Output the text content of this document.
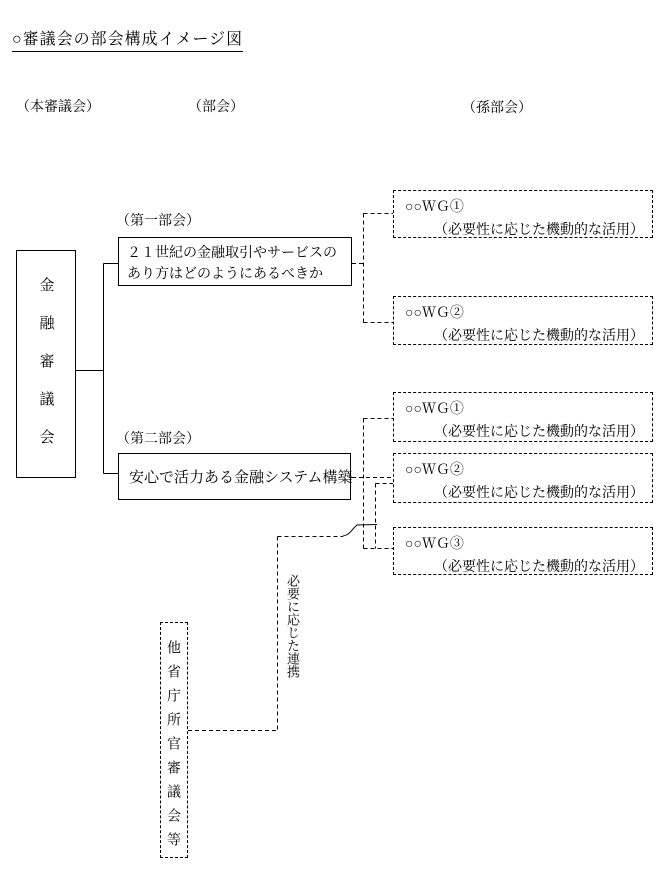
○審議会の部会構成イメージ図
（本審議会）	（部会）	（孫部会）
金融審議会
（第一部会）
２１世紀の金融取引やサービスの
あり方はどのようにあるべきか
（第二部会）
安心で活力ある金融システム構築
○○ＷＧ①
（必要性に応じた機動的な活用）
○○ＷＧ②
（必要性に応じた機動的な活用）
○○ＷＧ①
（必要性に応じた機動的な活用）
○○ＷＧ②
（必要性に応じた機動的な活用）
○○ＷＧ③
（必要性に応じた機動的な活用）
必要に応じた連携
他省庁所官審議会等
